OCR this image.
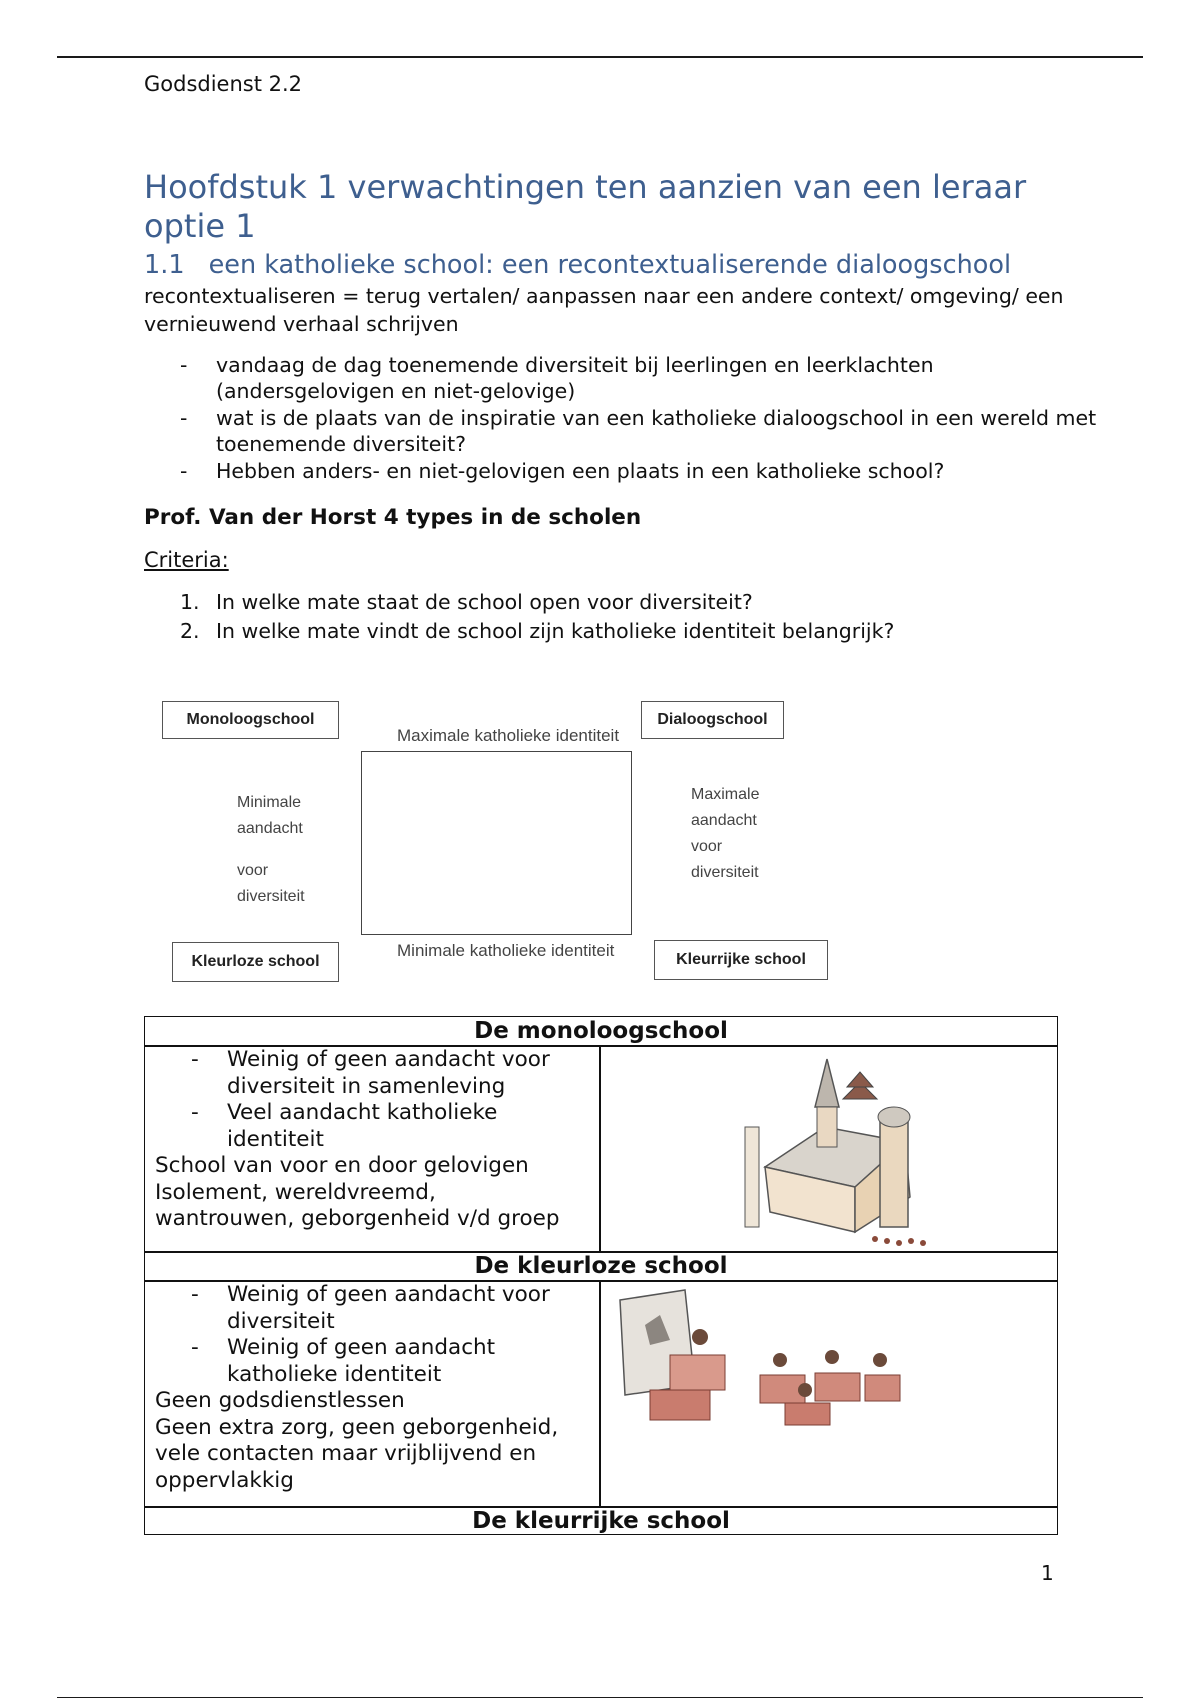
Godsdienst 2.2
Hoofdstuk 1 verwachtingen ten aanzien van een leraar optie 1
1.1 een katholieke school: een recontextualiserende dialoogschool
recontextualiseren = terug vertalen/ aanpassen naar een andere context/ omgeving/ een vernieuwend verhaal schrijven
- vandaag de dag toenemende diversiteit bij leerlingen en leerklachten (andersgelovigen en niet-gelovige)
- wat is de plaats van de inspiratie van een katholieke dialoogschool in een wereld met toenemende diversiteit?
- Hebben anders- en niet-gelovigen een plaats in een katholieke school?
Prof. Van der Horst 4 types in de scholen
Criteria:
1. In welke mate staat de school open voor diversiteit?
2. In welke mate vindt de school zijn katholieke identiteit belangrijk?
Monoloogschool	Dialoogschool
Kleurloze school	Kleurrijke school
Maximale katholieke identiteit
Minimale katholieke identiteit
Minimale
aandacht
voor
diversiteit
Maximale
aandacht
voor
diversiteit
De monoloogschool
- Weinig of geen aandacht voor diversiteit in samenleving
- Veel aandacht katholieke identiteit
School van voor en door gelovigen
Isolement, wereldvreemd,
wantrouwen, geborgenheid v/d groep
De kleurloze school
- Weinig of geen aandacht voor diversiteit
- Weinig of geen aandacht katholieke identiteit
Geen godsdienstlessen
Geen extra zorg, geen geborgenheid, vele contacten maar vrijblijvend en oppervlakkig
De kleurrijke school
1
